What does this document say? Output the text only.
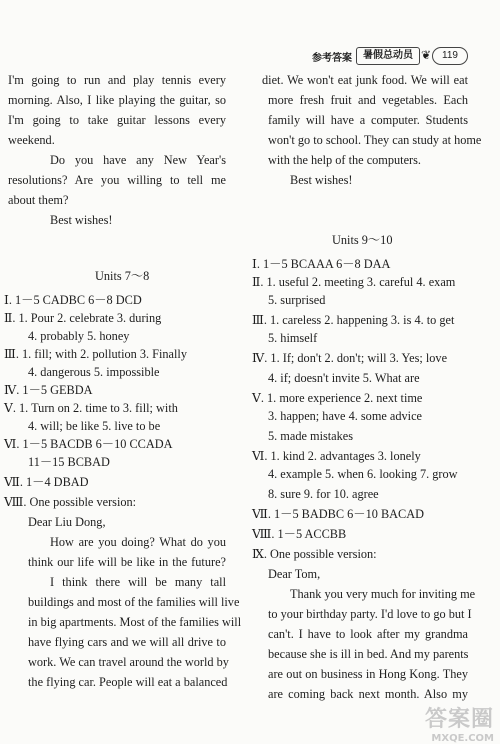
参考答案	暑假总动员 ❦	119
I'm going to run and play tennis every
morning. Also, I like playing the guitar, so
I'm going to take guitar lessons every
weekend.
Do you have any New Year's
resolutions? Are you willing to tell me
about them?
Best wishes!
Units 7～8
Ⅰ. 1－5 CADBC 6－8 DCD
Ⅱ. 1. Pour 2. celebrate 3. during
4. probably 5. honey
Ⅲ. 1. fill; with 2. pollution 3. Finally
4. dangerous 5. impossible
Ⅳ. 1－5 GEBDA
Ⅴ. 1. Turn on 2. time to 3. fill; with
4. will; be like 5. live to be
Ⅵ. 1－5 BACDB 6－10 CCADA
11－15 BCBAD
Ⅶ. 1－4 DBAD
Ⅷ. One possible version:
Dear Liu Dong,
How are you doing? What do you
think our life will be like in the future?
I think there will be many tall
buildings and most of the families will live
in big apartments. Most of the families will
have flying cars and we will all drive to
work. We can travel around the world by
the flying car. People will eat a balanced
diet. We won't eat junk food. We will eat
more fresh fruit and vegetables. Each
family will have a computer. Students
won't go to school. They can study at home
with the help of the computers.
Best wishes!
Units 9～10
Ⅰ. 1－5 BCAAA 6－8 DAA
Ⅱ. 1. useful 2. meeting 3. careful 4. exam
5. surprised
Ⅲ. 1. careless 2. happening 3. is 4. to get
5. himself
Ⅳ. 1. If; don't 2. don't; will 3. Yes; love
4. if; doesn't invite 5. What are
Ⅴ. 1. more experience 2. next time
3. happen; have 4. some advice
5. made mistakes
Ⅵ. 1. kind 2. advantages 3. lonely
4. example 5. when 6. looking 7. grow
8. sure 9. for 10. agree
Ⅶ. 1－5 BADBC 6－10 BACAD
Ⅷ. 1－5 ACCBB
Ⅸ. One possible version:
Dear Tom,
Thank you very much for inviting me
to your birthday party. I'd love to go but I
can't. I have to look after my grandma
because she is ill in bed. And my parents
are out on business in Hong Kong. They
are coming back next month. Also my
答案圈
MXQE.COM
